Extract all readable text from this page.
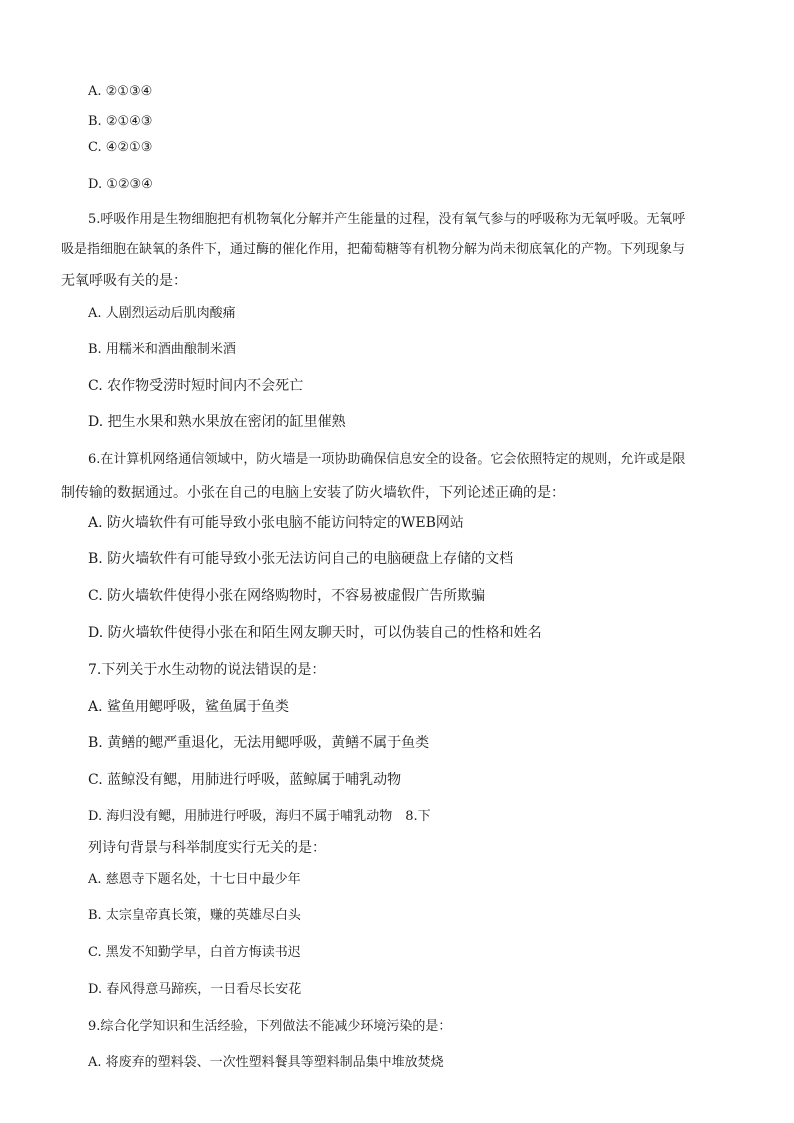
A. ②①③④
B. ②①④③
C. ④②①③
D. ①②③④
5.呼吸作用是生物细胞把有机物氧化分解并产生能量的过程，没有氧气参与的呼吸称为无氧呼吸。无氧呼
吸是指细胞在缺氧的条件下，通过酶的催化作用，把葡萄糖等有机物分解为尚未彻底氧化的产物。下列现象与
无氧呼吸有关的是：
A. 人剧烈运动后肌肉酸痛
B. 用糯米和酒曲酿制米酒
C. 农作物受涝时短时间内不会死亡
D. 把生水果和熟水果放在密闭的缸里催熟
6.在计算机网络通信领域中，防火墙是一项协助确保信息安全的设备。它会依照特定的规则，允许或是限
制传输的数据通过。小张在自己的电脑上安装了防火墙软件，下列论述正确的是：
A. 防火墙软件有可能导致小张电脑不能访问特定的WEB网站
B. 防火墙软件有可能导致小张无法访问自己的电脑硬盘上存储的文档
C. 防火墙软件使得小张在网络购物时，不容易被虚假广告所欺骗
D. 防火墙软件使得小张在和陌生网友聊天时，可以伪装自己的性格和姓名
7.下列关于水生动物的说法错误的是：
A. 鲨鱼用鳃呼吸，鲨鱼属于鱼类
B. 黄鳝的鳃严重退化，无法用鳃呼吸，黄鳝不属于鱼类
C. 蓝鲸没有鳃，用肺进行呼吸，蓝鲸属于哺乳动物
D. 海归没有鳃，用肺进行呼吸，海归不属于哺乳动物　8.下
列诗句背景与科举制度实行无关的是：
A. 慈恩寺下题名处，十七日中最少年
B. 太宗皇帝真长策，赚的英雄尽白头
C. 黑发不知勤学早，白首方悔读书迟
D. 春风得意马蹄疾，一日看尽长安花
9.综合化学知识和生活经验，下列做法不能减少环境污染的是：
A. 将废弃的塑料袋、一次性塑料餐具等塑料制品集中堆放焚烧
